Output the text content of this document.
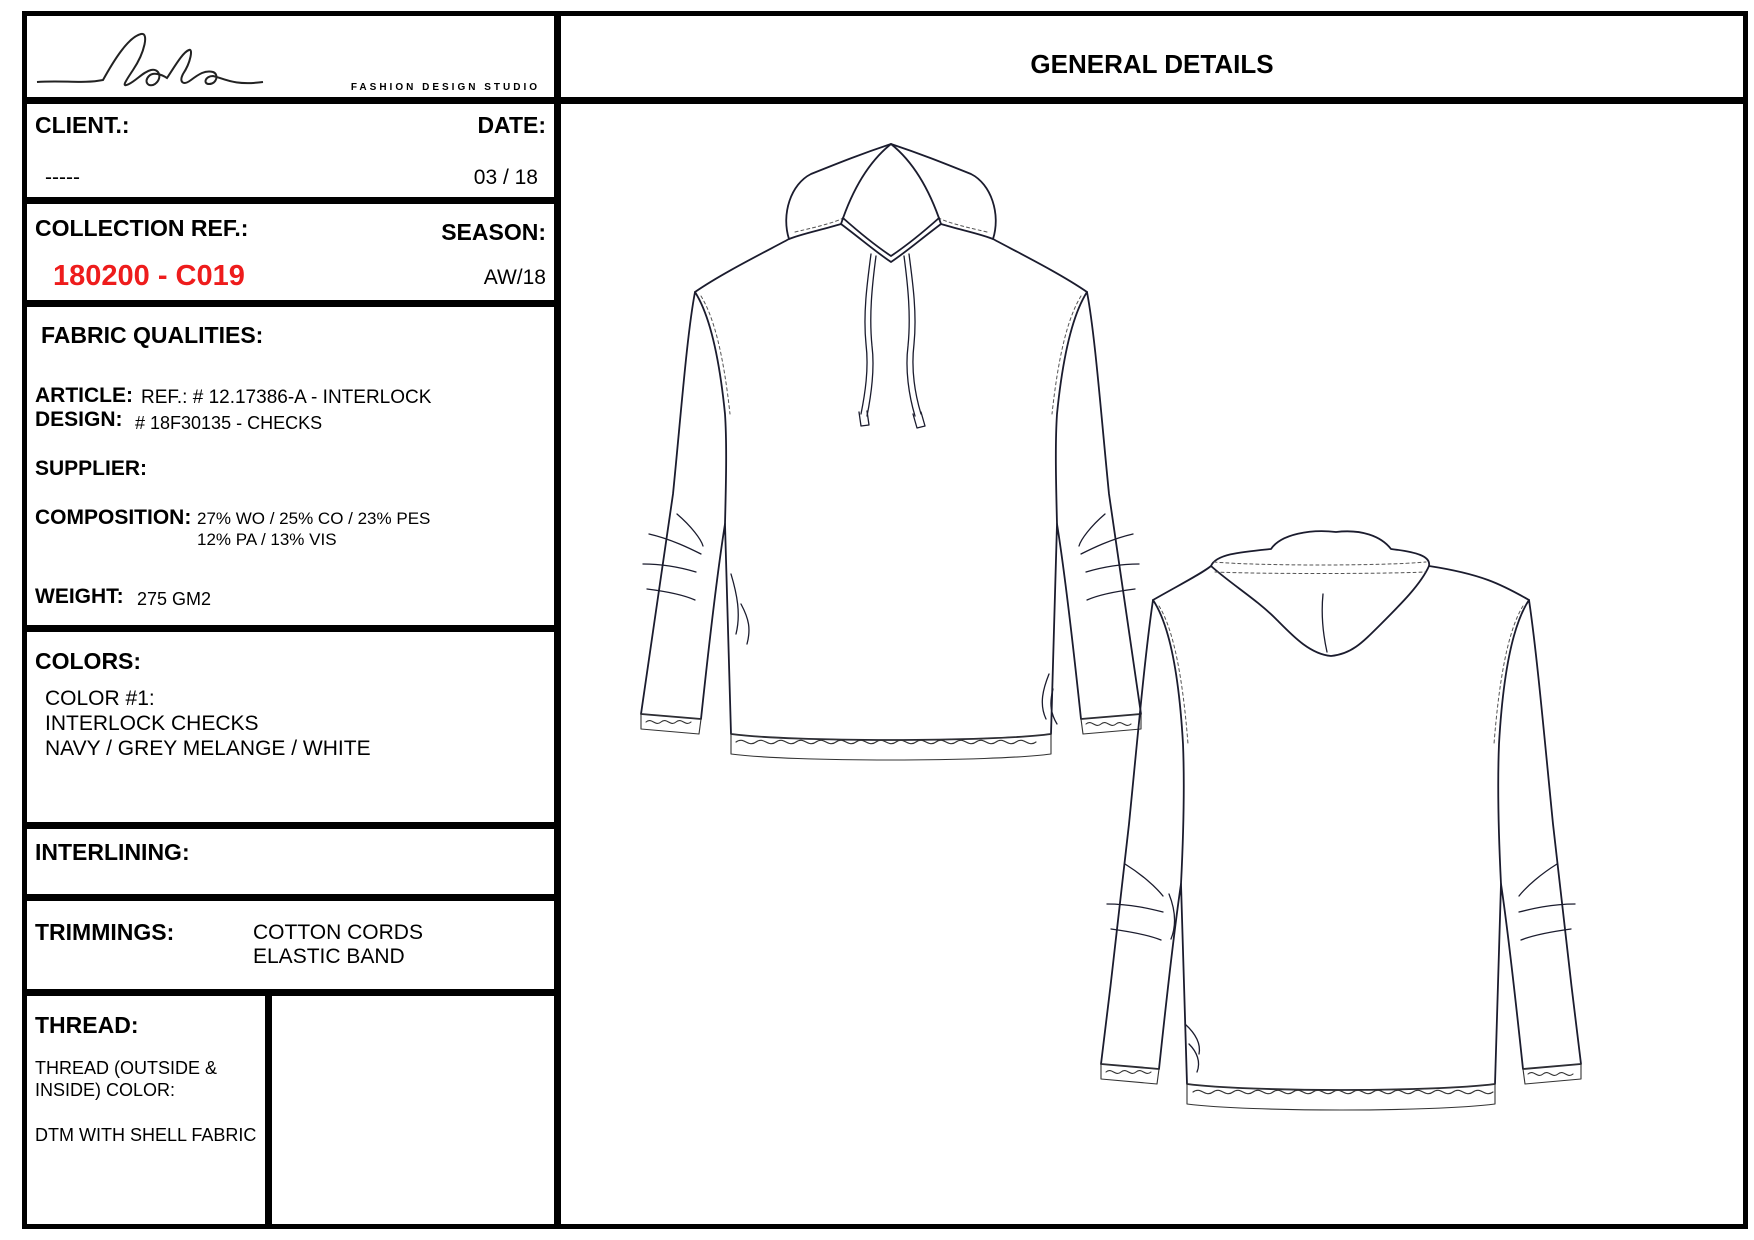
FASHION DESIGN STUDIO
CLIENT.:
-----
DATE:
03 / 18
COLLECTION REF.:
180200 - C019
SEASON:
AW/18
FABRIC QUALITIES:
ARTICLE: REF.: # 12.17386-A - INTERLOCK
DESIGN: # 18F30135 - CHECKS
SUPPLIER:
COMPOSITION: 27% WO / 25% CO / 23% PES
12% PA / 13% VIS
WEIGHT: 275 GM2
COLORS:
COLOR #1:
INTERLOCK CHECKS
NAVY / GREY MELANGE / WHITE
INTERLINING:
TRIMMINGS:	COTTON CORDS
ELASTIC BAND
THREAD:
THREAD (OUTSIDE &
INSIDE) COLOR:
DTM WITH SHELL FABRIC
GENERAL DETAILS
